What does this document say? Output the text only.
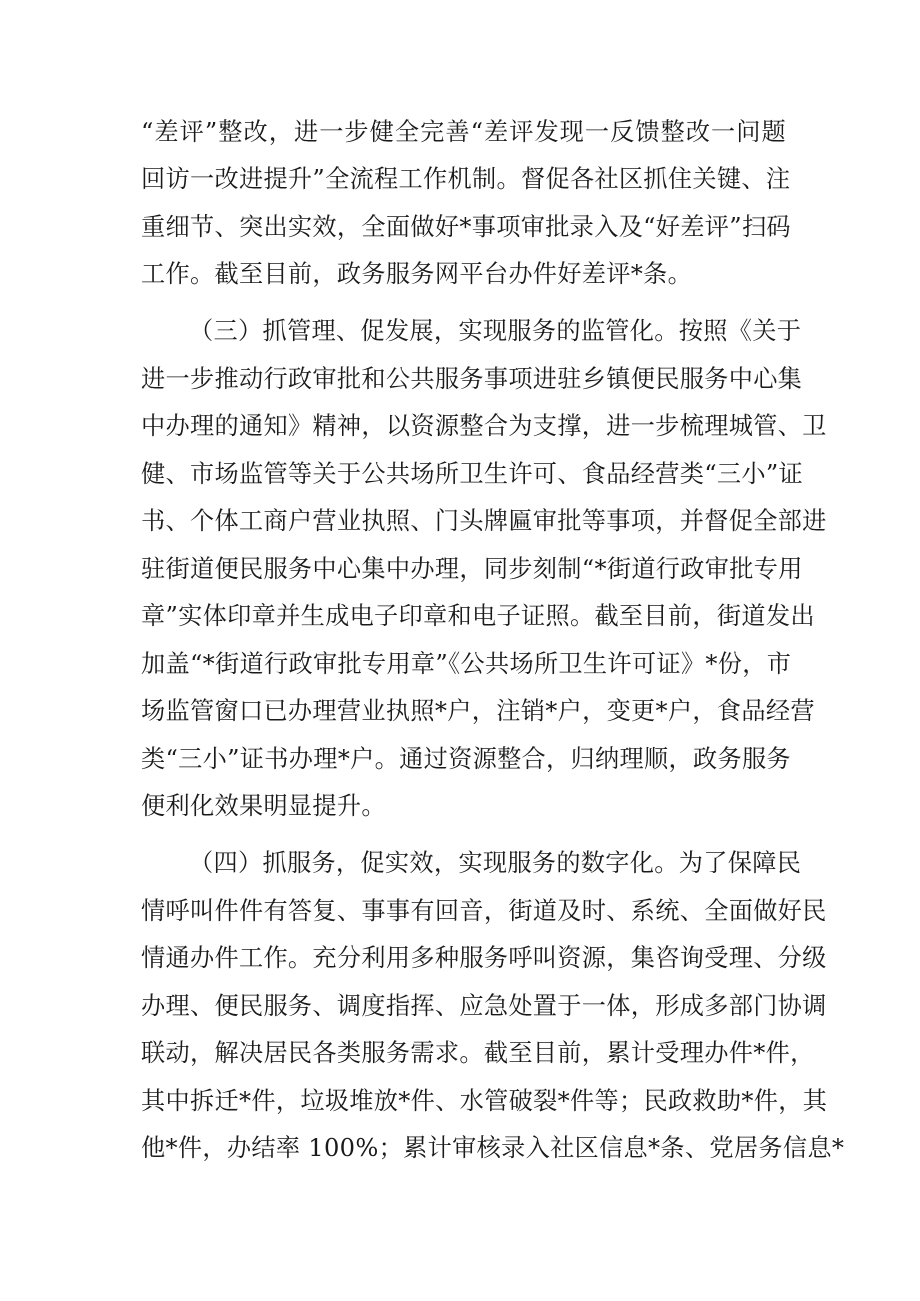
“差评”整改，进一步健全完善“差评发现一反馈整改一问题
回访一改进提升”全流程工作机制。督促各社区抓住关键、注
重细节、突出实效，全面做好*事项审批录入及“好差评”扫码
工作。截至目前，政务服务网平台办件好差评*条。
（三）抓管理、促发展，实现服务的监管化。按照《关于
进一步推动行政审批和公共服务事项进驻乡镇便民服务中心集
中办理的通知》精神，以资源整合为支撑，进一步梳理城管、卫
健、市场监管等关于公共场所卫生许可、食品经营类“三小”证
书、个体工商户营业执照、门头牌匾审批等事项，并督促全部进
驻街道便民服务中心集中办理，同步刻制“*街道行政审批专用
章”实体印章并生成电子印章和电子证照。截至目前，街道发出
加盖“*街道行政审批专用章”《公共场所卫生许可证》*份，市
场监管窗口已办理营业执照*户，注销*户，变更*户，食品经营
类“三小”证书办理*户。通过资源整合，归纳理顺，政务服务
便利化效果明显提升。
（四）抓服务，促实效，实现服务的数字化。为了保障民
情呼叫件件有答复、事事有回音，街道及时、系统、全面做好民
情通办件工作。充分利用多种服务呼叫资源，集咨询受理、分级
办理、便民服务、调度指挥、应急处置于一体，形成多部门协调
联动，解决居民各类服务需求。截至目前，累计受理办件*件，
其中拆迁*件，垃圾堆放*件、水管破裂*件等；民政救助*件，其
他*件，办结率 100%；累计审核录入社区信息*条、党居务信息*
